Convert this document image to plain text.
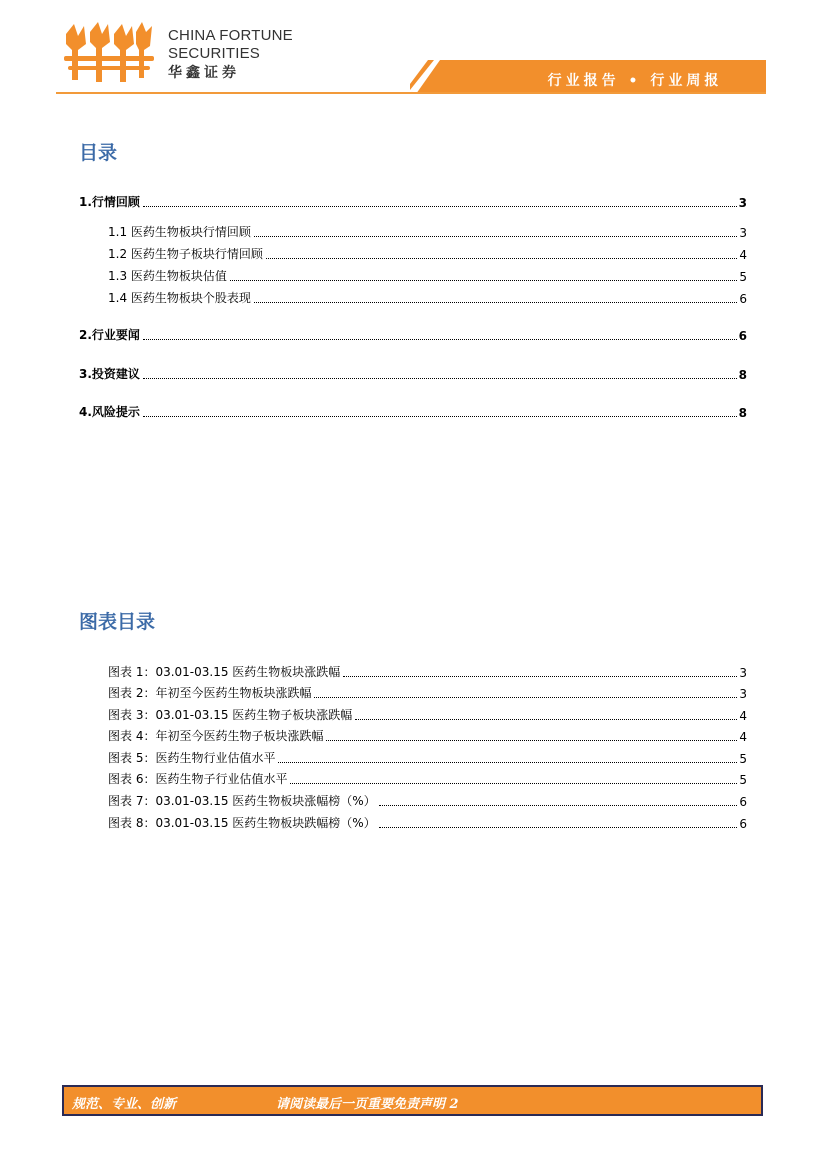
CHINA FORTUNE
SECURITIES
华鑫证券
行业报告 • 行业周报
目录
1.行情回顾	3
1.1 医药生物板块行情回顾	3
1.2 医药生物子板块行情回顾	4
1.3 医药生物板块估值	5
1.4 医药生物板块个股表现	6
2.行业要闻	6
3.投资建议	8
4.风险提示	8
图表目录
图表 1：03.01-03.15 医药生物板块涨跌幅	3
图表 2：年初至今医药生物板块涨跌幅	3
图表 3：03.01-03.15 医药生物子板块涨跌幅	4
图表 4：年初至今医药生物子板块涨跌幅	4
图表 5：医药生物行业估值水平	5
图表 6：医药生物子行业估值水平	5
图表 7：03.01-03.15 医药生物板块涨幅榜（%）	6
图表 8：03.01-03.15 医药生物板块跌幅榜（%）	6
规范、专业、创新	请阅读最后一页重要免责声明 2
